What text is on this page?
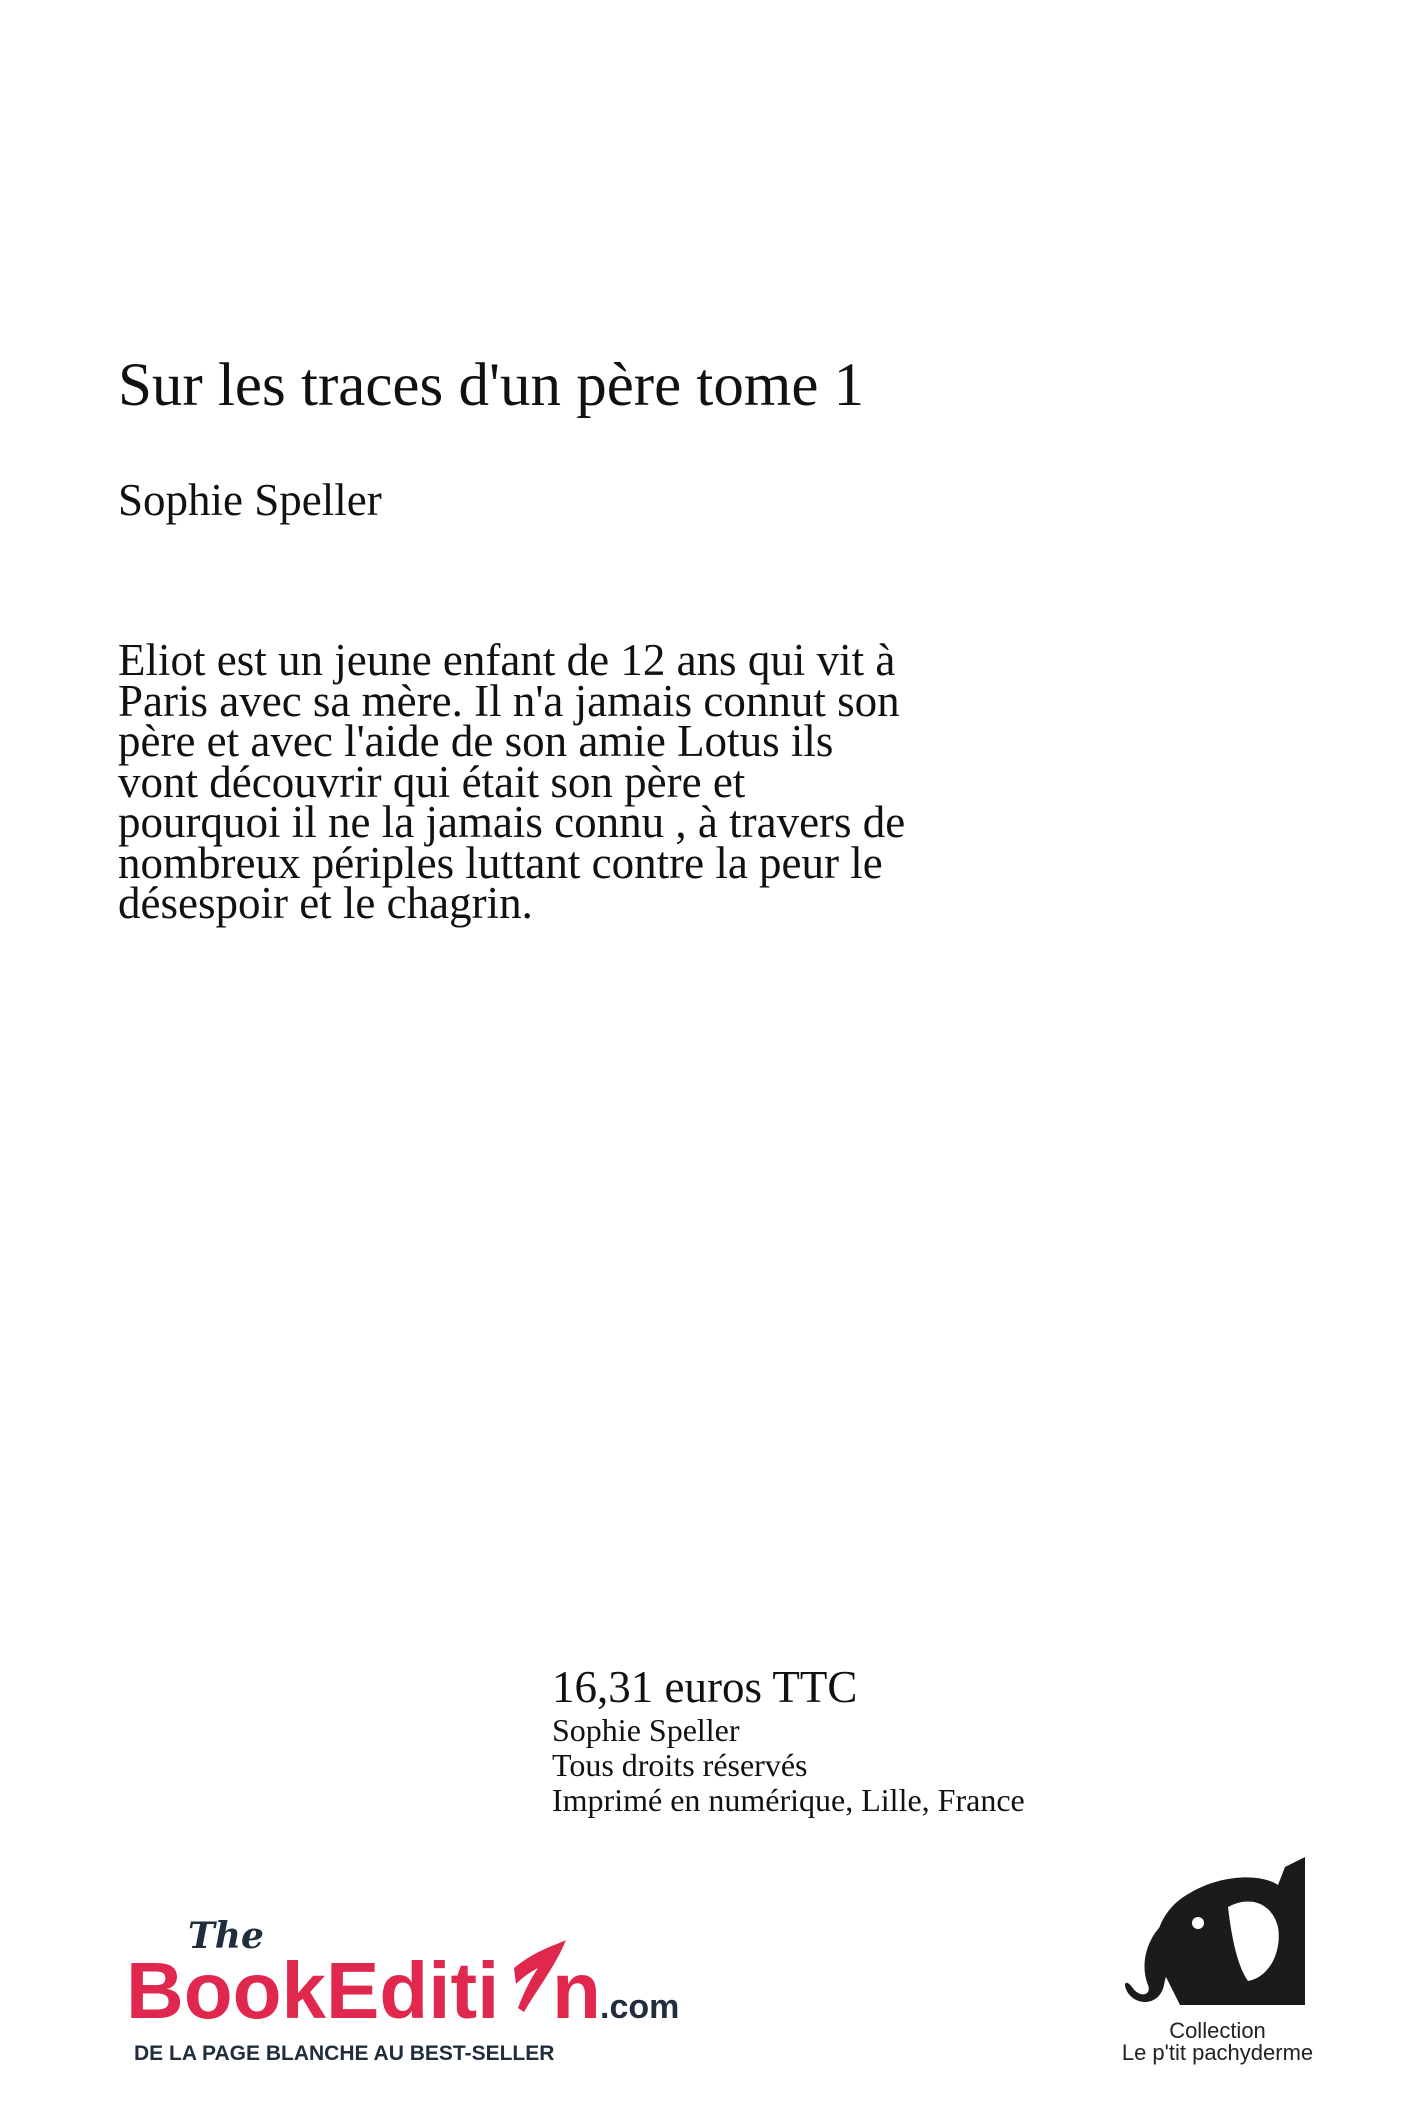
Sur les traces d'un père tome 1
Sophie Speller
Eliot est un jeune enfant de 12 ans qui vit à
Paris avec sa mère. Il n'a jamais connut son
père et avec l'aide de son amie Lotus ils
vont découvrir qui était son père et
pourquoi il ne la jamais connu , à travers de
nombreux périples luttant contre la peur le
désespoir et le chagrin.
16,31 euros TTC
Sophie Speller
Tous droits réservés
Imprimé en numérique, Lille, France
The
BookEditi n .com
DE LA PAGE BLANCHE AU BEST-SELLER
Collection
Le p'tit pachyderme
